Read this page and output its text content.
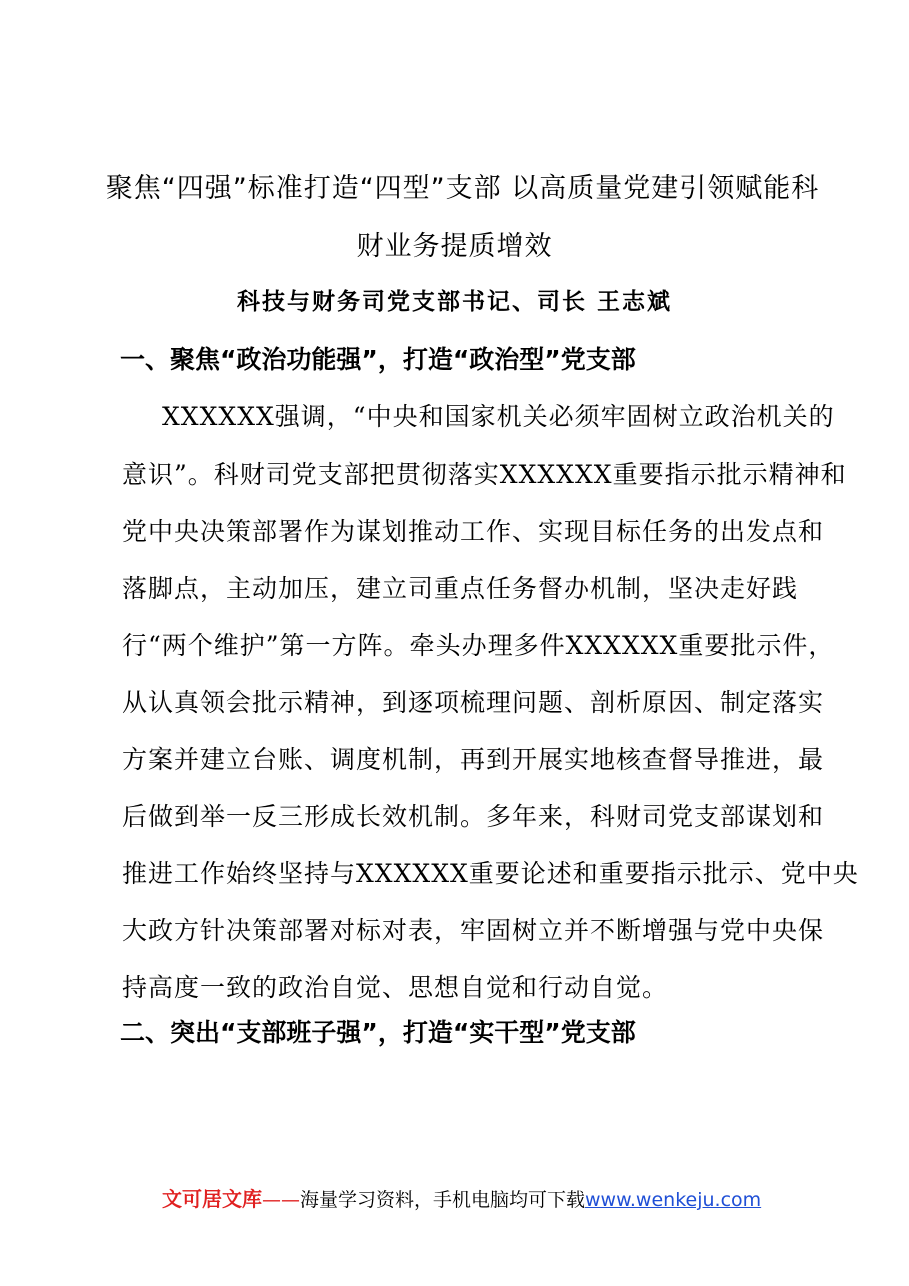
聚焦“四强”标准打造“四型”支部 以高质量党建引领赋能科
财业务提质增效
科技与财务司党支部书记、司长 王志斌
一、聚焦“政治功能强”，打造“政治型”党支部
XXXXXX强调，“中央和国家机关必须牢固树立政治机关的
意识”。科财司党支部把贯彻落实XXXXXX重要指示批示精神和
党中央决策部署作为谋划推动工作、实现目标任务的出发点和
落脚点，主动加压，建立司重点任务督办机制，坚决走好践
行“两个维护”第一方阵。牵头办理多件XXXXXX重要批示件，
从认真领会批示精神，到逐项梳理问题、剖析原因、制定落实
方案并建立台账、调度机制，再到开展实地核查督导推进，最
后做到举一反三形成长效机制。多年来，科财司党支部谋划和
推进工作始终坚持与XXXXXX重要论述和重要指示批示、党中央
大政方针决策部署对标对表，牢固树立并不断增强与党中央保
持高度一致的政治自觉、思想自觉和行动自觉。
二、突出“支部班子强”，打造“实干型”党支部
文可居文库——海量学习资料，手机电脑均可下载www.wenkeju.com
